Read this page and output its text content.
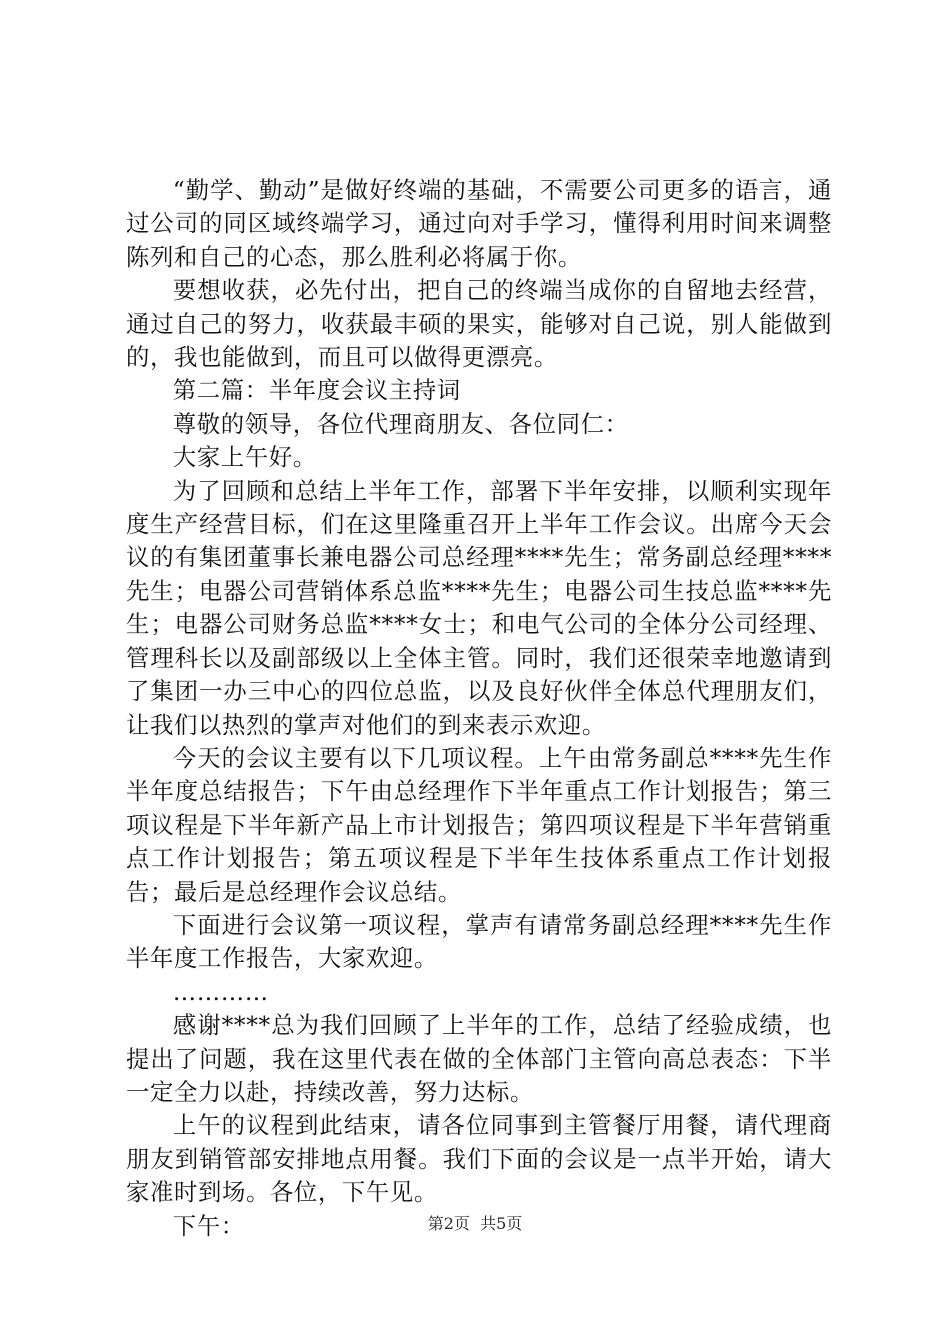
“勤学、勤动”是做好终端的基础，不需要公司更多的语言，通过公司的同区域终端学习，通过向对手学习，懂得利用时间来调整陈列和自己的心态，那么胜利必将属于你。

要想收获，必先付出，把自己的终端当成你的自留地去经营，通过自己的努力，收获最丰硕的果实，能够对自己说，别人能做到的，我也能做到，而且可以做得更漂亮。

第二篇：半年度会议主持词

尊敬的领导，各位代理商朋友、各位同仁：

大家上午好。

为了回顾和总结上半年工作，部署下半年安排，以顺利实现年度生产经营目标，们在这里隆重召开上半年工作会议。出席今天会议的有集团董事长兼电器公司总经理****先生；常务副总经理****先生；电器公司营销体系总监****先生；电器公司生技总监****先生；电器公司财务总监****女士；和电气公司的全体分公司经理、管理科长以及副部级以上全体主管。同时，我们还很荣幸地邀请到了集团一办三中心的四位总监，以及良好伙伴全体总代理朋友们，让我们以热烈的掌声对他们的到来表示欢迎。

今天的会议主要有以下几项议程。上午由常务副总****先生作半年度总结报告；下午由总经理作下半年重点工作计划报告；第三项议程是下半年新产品上市计划报告；第四项议程是下半年营销重点工作计划报告；第五项议程是下半年生技体系重点工作计划报告；最后是总经理作会议总结。

下面进行会议第一项议程，掌声有请常务副总经理****先生作半年度工作报告，大家欢迎。

…………

感谢****总为我们回顾了上半年的工作，总结了经验成绩，也提出了问题，我在这里代表在做的全体部门主管向高总表态：下半一定全力以赴，持续改善，努力达标。

上午的议程到此结束，请各位同事到主管餐厅用餐，请代理商朋友到销管部安排地点用餐。我们下面的会议是一点半开始，请大家准时到场。各位，下午见。

下午：	第2页 共5页
